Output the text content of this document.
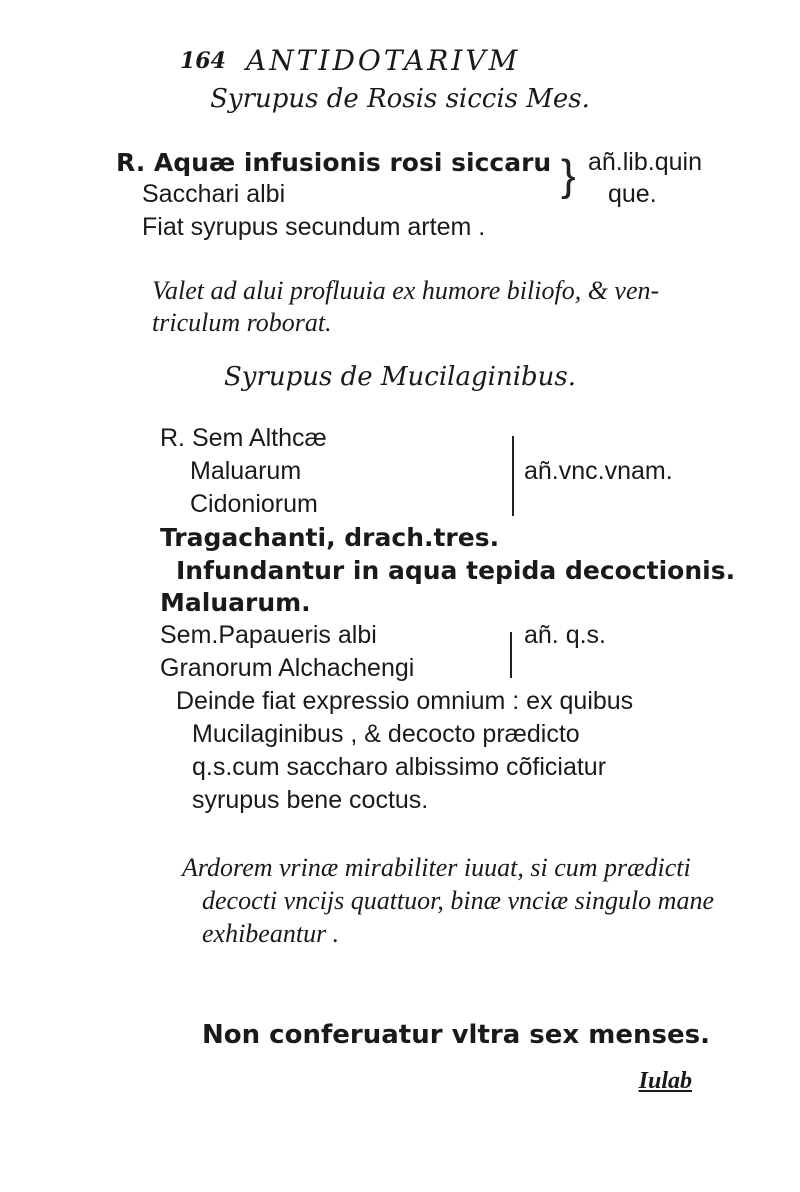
164 ANTIDOTARIVM
Syrupus de Rosis siccis Mes.
R. Aquæ infusionis rosi siccaru
Sacchari albi	} añ.lib.quin
que.
Fiat syrupus secundum artem .
Valet ad alui profluuia ex humore biliofo, & ven-
triculum roborat.
Syrupus de Mucilaginibus.
R. Sem Althcæ
Maluarum
Cidoniorum
añ.vnc.vnam.
Tragachanti, drach.tres.
Infundantur in aqua tepida decoctionis.
Maluarum.
Sem.Papaueris albi
Granorum Alchachengi
añ. q.s.
Deinde fiat expressio omnium : ex quibus
Mucilaginibus , & decocto prædicto
q.s.cum saccharo albissimo cõficiatur
syrupus bene coctus.
Ardorem vrinæ mirabiliter iuuat, si cum prædicti
decocti vncijs quattuor, binæ vnciæ singulo mane
exhibeantur .
Non conferuatur vltra sex menses.
Iulab
